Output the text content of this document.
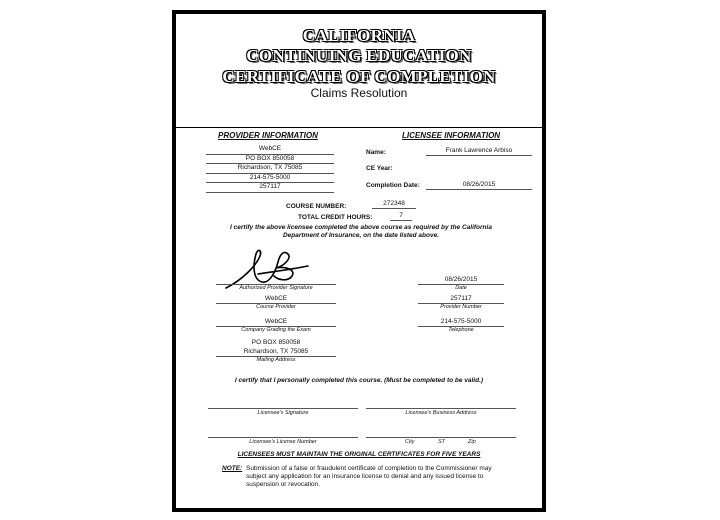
CALIFORNIA
CONTINUING EDUCATION
CERTIFICATE OF COMPLETION
Claims Resolution
PROVIDER INFORMATION
WebCE
PO BOX 850058
Richardson, TX 75085
214-575-5000
257117
LICENSEE INFORMATION
Name:	Frank Lawrence Arbiso
CE Year:
Completion Date:	08/26/2015
COURSE NUMBER:	272348
TOTAL CREDIT HOURS:	7
I certify the above licensee completed the above course as required by the California Department of Insurance, on the date listed above.
Authorized Provider Signature
08/26/2015
Date
WebCE
Course Provider
257117
Provider Number
WebCE
Company Grading the Exam
214-575-5000
Telephone
PO BOX 850058
Richardson, TX 75085
Mailing Address
I certify that I personally completed this course. (Must be completed to be valid.)
Licensee's Signature	Licensee's Business Address
Licensee's License Number	City	ST	Zip
LICENSEES MUST MAINTAIN THE ORIGINAL CERTIFICATES FOR FIVE YEARS
NOTE: Submission of a false or fraudulent certificate of completion to the Commissioner may subject any application for an insurance license to denial and any issued license to suspension or revocation.
